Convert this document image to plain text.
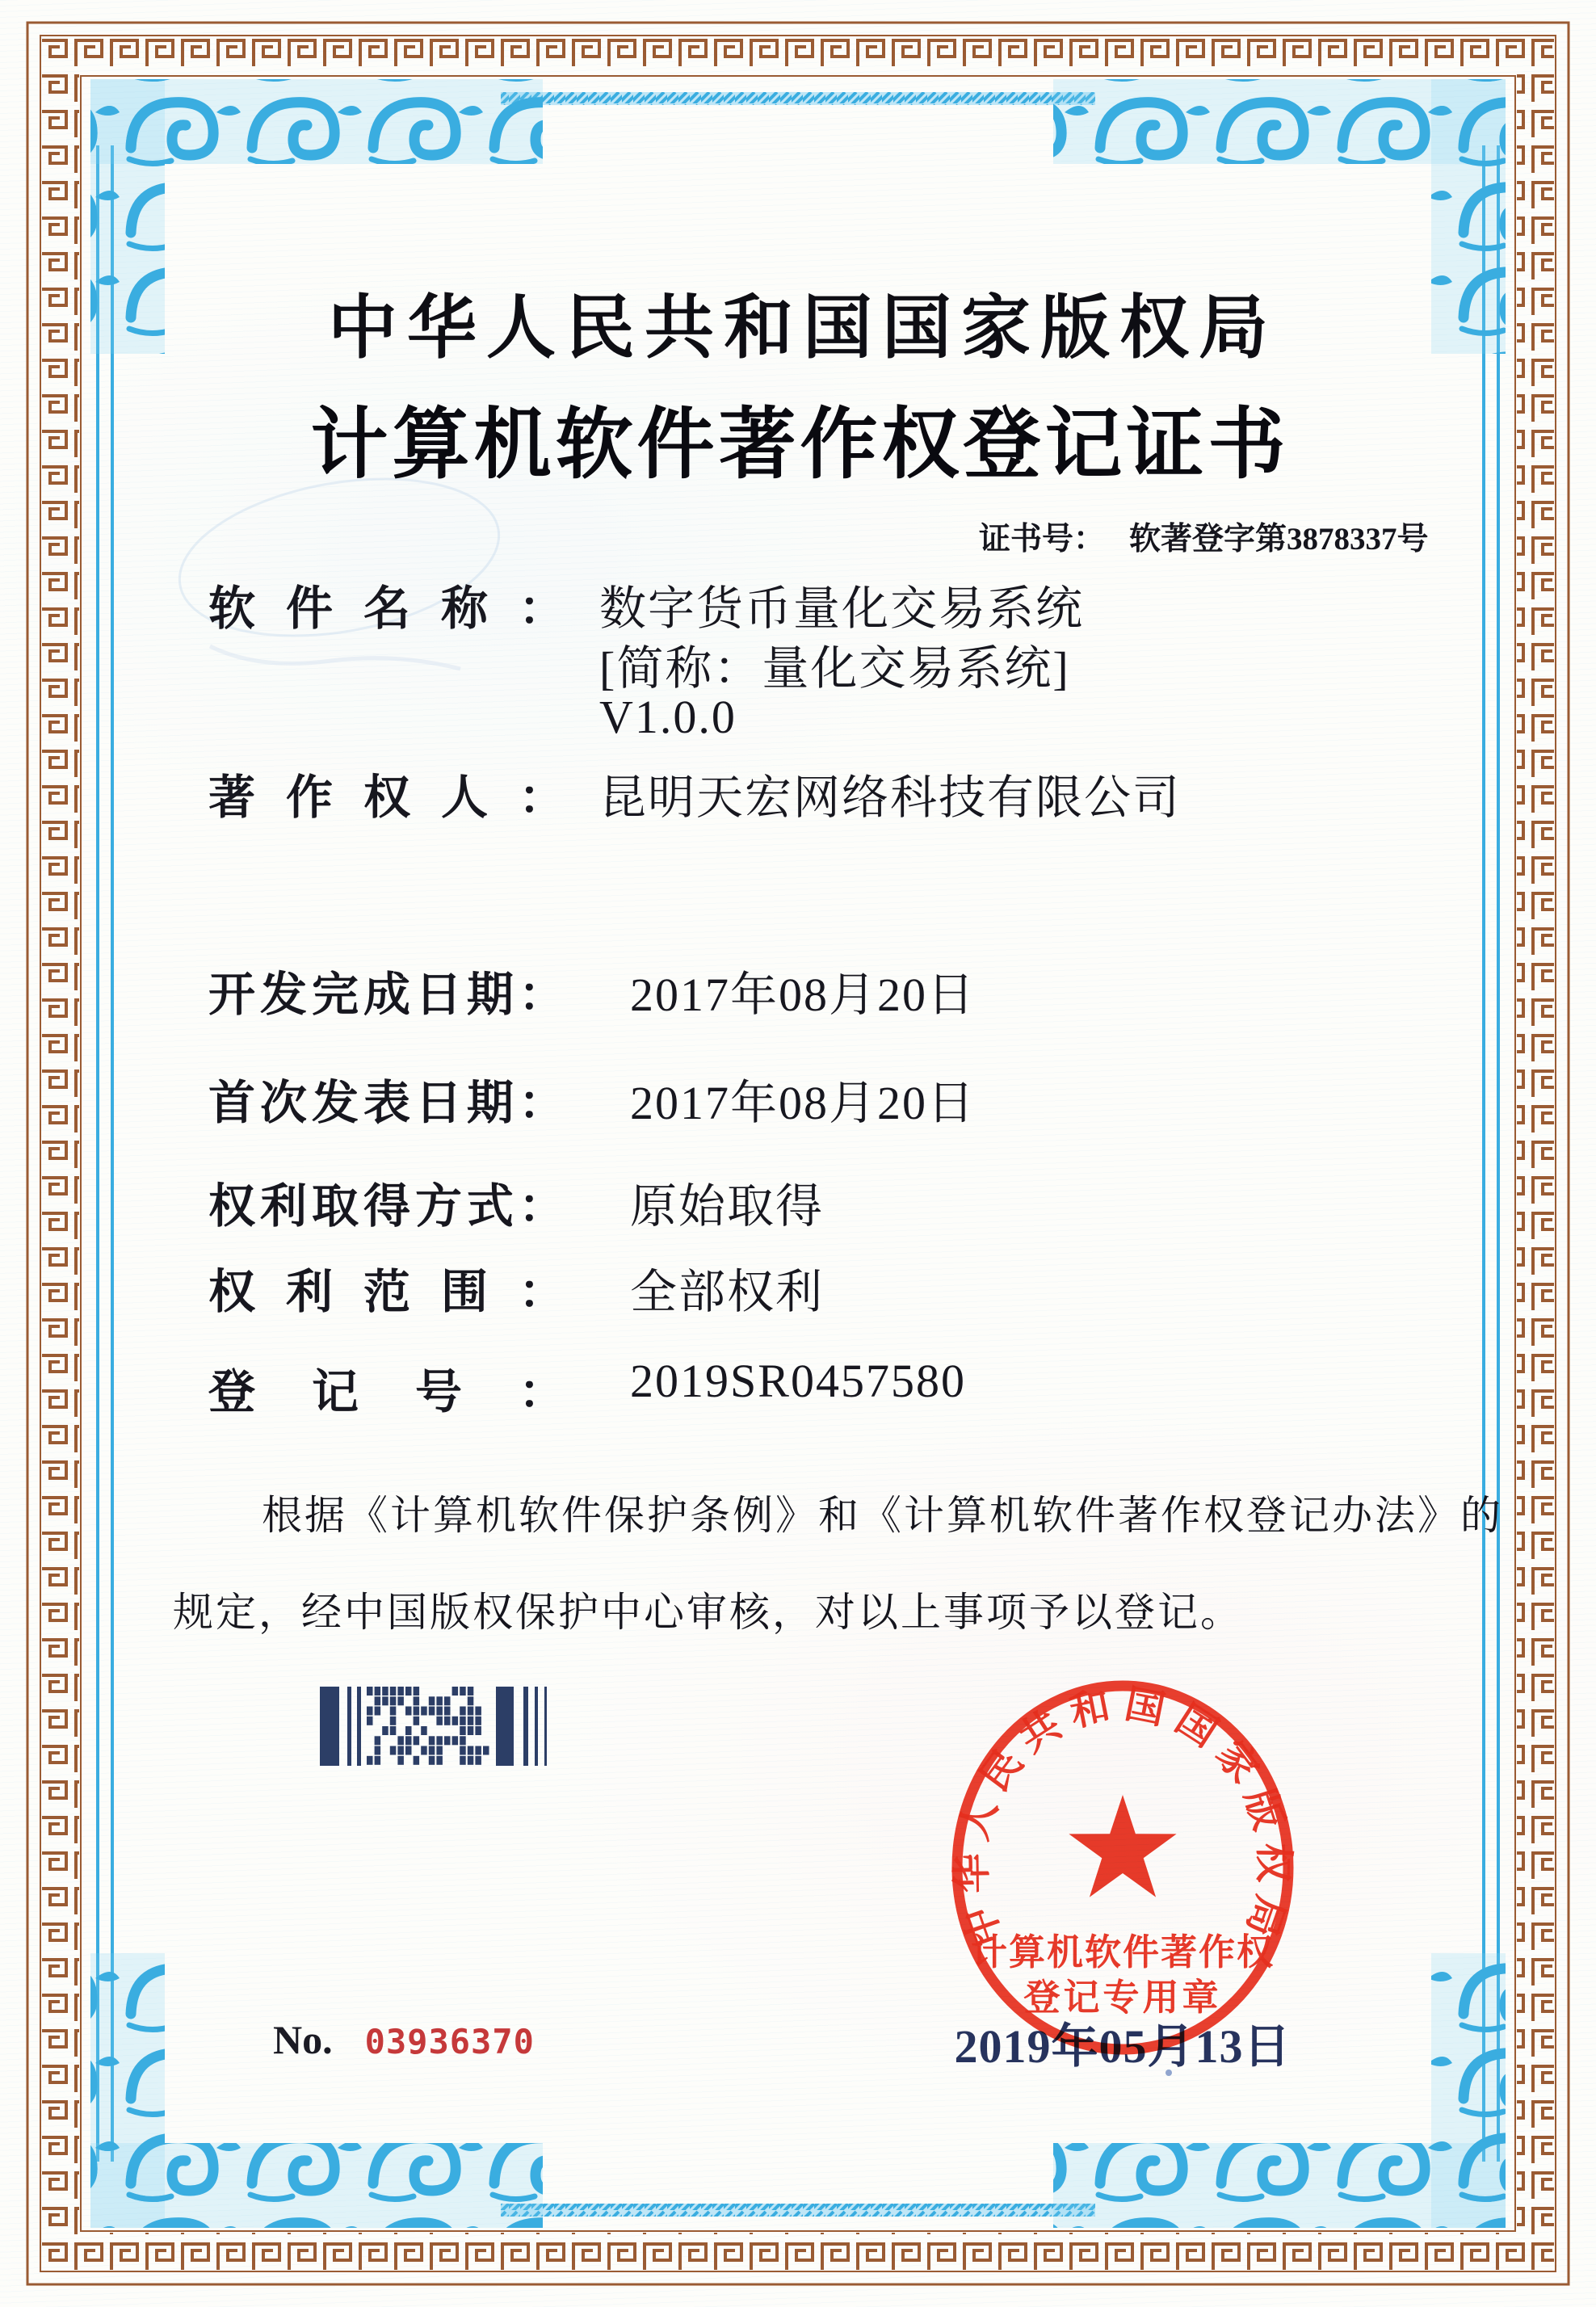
中华人民共和国国家版权局
计算机软件著作权登记证书
证书号： 软著登字第3878337号
软 件 名 称 ： 数字货币量化交易系统
[简称：量化交易系统]
V1.0.0
著 作 权 人 ： 昆明天宏网络科技有限公司
开 发 完 成 日 期 ： 2017年08月20日
首 次 发 表 日 期 ： 2017年08月20日
权 利 取 得 方 式 ： 原始取得
权 利 范 围 ： 全部权利
登 记 号 ： 2019SR0457580
根据《计算机软件保护条例》和《计算机软件著作权登记办法》的
规定，经中国版权保护中心审核，对以上事项予以登记。
中华人民共和国国家版权局
计算机软件著作权
登记专用章
2019年05月13日
No. 03936370
